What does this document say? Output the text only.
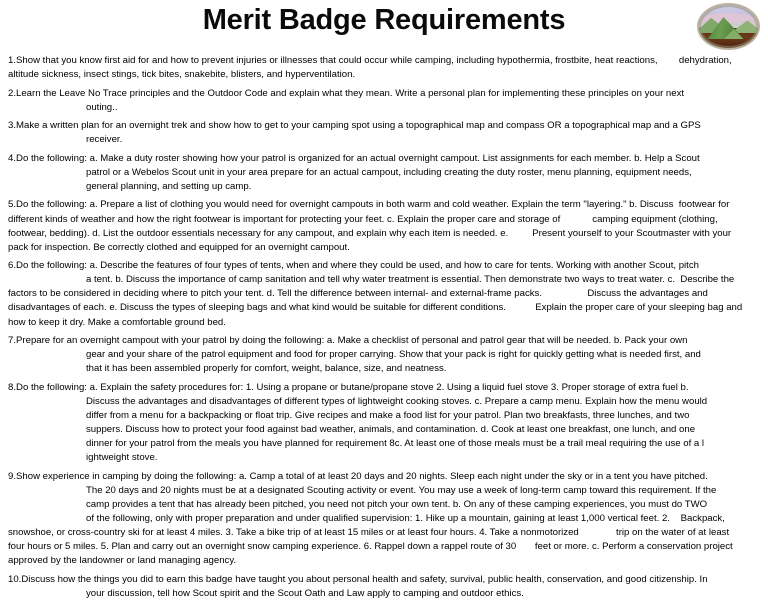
Merit Badge Requirements
1.Show that you know first aid for and how to prevent injuries or illnesses that could occur while camping, including hypothermia, frostbite, heat reactions,        dehydration,
altitude sickness, insect stings, tick bites, snakebite, blisters, and hyperventilation.
2.Learn the Leave No Trace principles and the Outdoor Code and explain what they mean. Write a personal plan for implementing these principles on your next
outing..
3.Make a written plan for an overnight trek and show how to get to your camping spot using a topographical map and compass OR a topographical map and a GPS
receiver.
4.Do the following: a. Make a duty roster showing how your patrol is organized for an actual overnight campout. List assignments for each member. b. Help a Scout
patrol or a Webelos Scout unit in your area prepare for an actual campout, including creating the duty roster, menu planning, equipment needs,
general planning, and setting up camp.
5.Do the following: a. Prepare a list of clothing you would need for overnight campouts in both warm and cold weather. Explain the term "layering." b. Discuss  footwear for
different kinds of weather and how the right footwear is important for protecting your feet. c. Explain the proper care and storage of            camping equipment (clothing,
footwear, bedding). d. List the outdoor essentials necessary for any campout, and explain why each item is needed. e.         Present yourself to your Scoutmaster with your
pack for inspection. Be correctly clothed and equipped for an overnight campout.
6.Do the following: a. Describe the features of four types of tents, when and where they could be used, and how to care for tents. Working with another Scout, pitch
a tent. b. Discuss the importance of camp sanitation and tell why water treatment is essential. Then demonstrate two ways to treat water. c.  Describe the
factors to be considered in deciding where to pitch your tent. d. Tell the difference between internal- and external-frame packs.                 Discuss the advantages and
disadvantages of each. e. Discuss the types of sleeping bags and what kind would be suitable for different conditions.           Explain the proper care of your sleeping bag and
how to keep it dry. Make a comfortable ground bed.
7.Prepare for an overnight campout with your patrol by doing the following: a. Make a checklist of personal and patrol gear that will be needed. b. Pack your own
gear and your share of the patrol equipment and food for proper carrying. Show that your pack is right for quickly getting what is needed first, and
that it has been assembled properly for comfort, weight, balance, size, and neatness.
8.Do the following: a. Explain the safety procedures for: 1. Using a propane or butane/propane stove 2. Using a liquid fuel stove 3. Proper storage of extra fuel b.
Discuss the advantages and disadvantages of different types of lightweight cooking stoves. c. Prepare a camp menu. Explain how the menu would
differ from a menu for a backpacking or float trip. Give recipes and make a food list for your patrol. Plan two breakfasts, three lunches, and two
suppers. Discuss how to protect your food against bad weather, animals, and contamination. d. Cook at least one breakfast, one lunch, and one
dinner for your patrol from the meals you have planned for requirement 8c. At least one of those meals must be a trail meal requiring the use of a l
ightweight stove.
9.Show experience in camping by doing the following: a. Camp a total of at least 20 days and 20 nights. Sleep each night under the sky or in a tent you have pitched.
The 20 days and 20 nights must be at a designated Scouting activity or event. You may use a week of long-term camp toward this requirement. If the
camp provides a tent that has already been pitched, you need not pitch your own tent. b. On any of these camping experiences, you must do TWO
of the following, only with proper preparation and under qualified supervision: 1. Hike up a mountain, gaining at least 1,000 vertical feet. 2.    Backpack,
snowshoe, or cross-country ski for at least 4 miles. 3. Take a bike trip of at least 15 miles or at least four hours. 4. Take a nonmotorized              trip on the water of at least
four hours or 5 miles. 5. Plan and carry out an overnight snow camping experience. 6. Rappel down a rappel route of 30       feet or more. c. Perform a conservation project
approved by the landowner or land managing agency.
10.Discuss how the things you did to earn this badge have taught you about personal health and safety, survival, public health, conservation, and good citizenship. In
your discussion, tell how Scout spirit and the Scout Oath and Law apply to camping and outdoor ethics.
